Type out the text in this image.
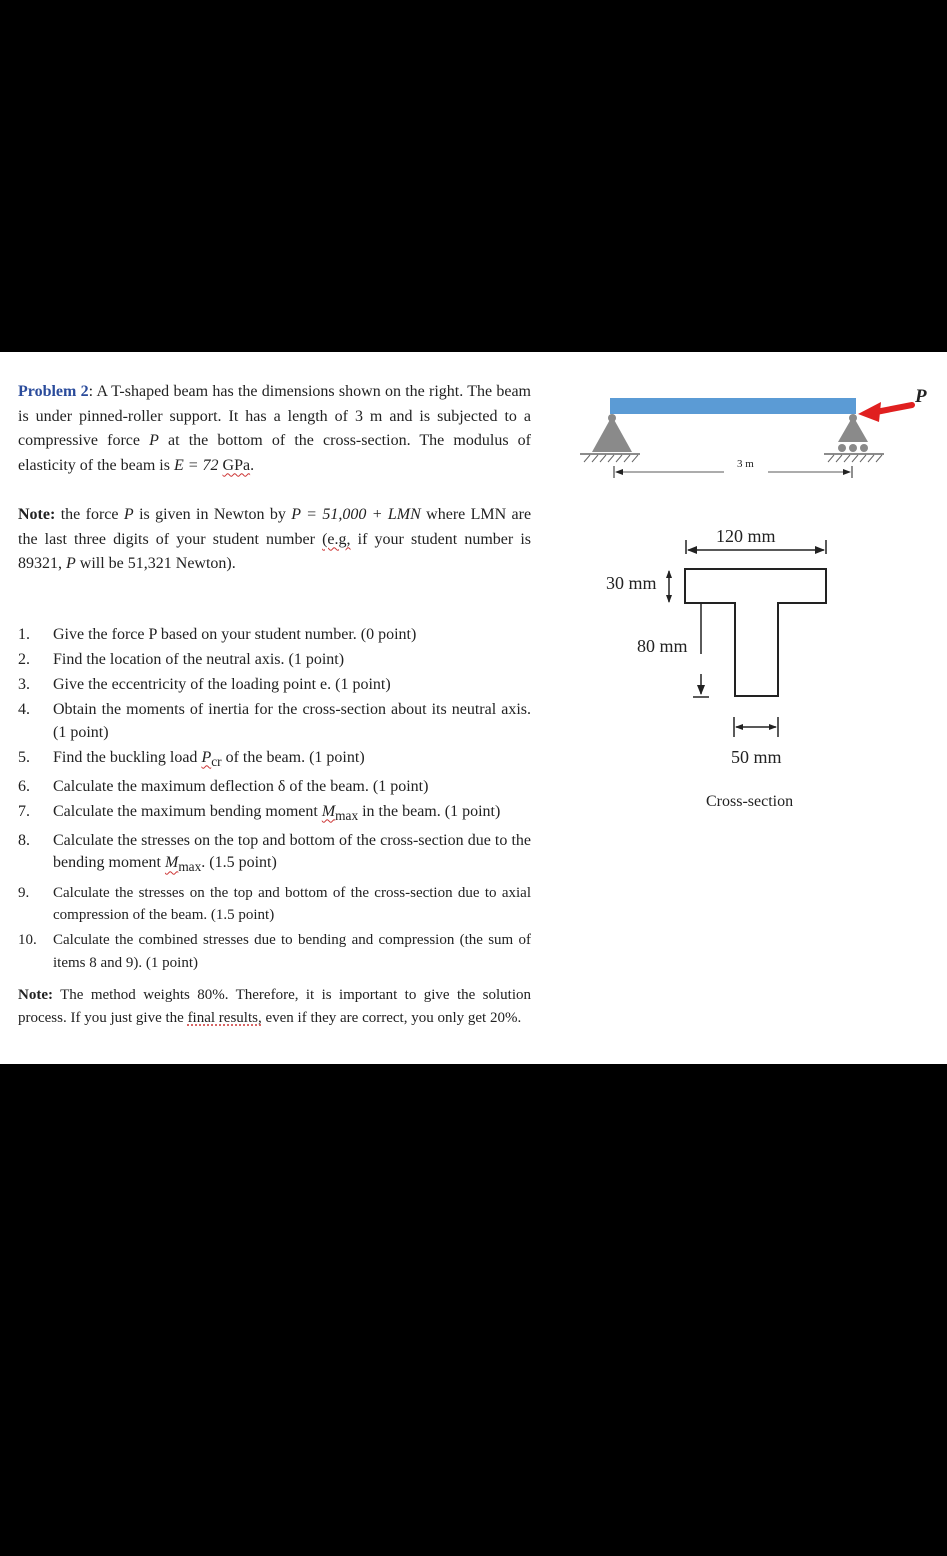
Problem 2: A T-shaped beam has the dimensions shown on the right. The beam is under pinned-roller support. It has a length of 3 m and is subjected to a compressive force P at the bottom of the cross-section. The modulus of elasticity of the beam is E = 72 GPa.
Note: the force P is given in Newton by P = 51,000 + LMN where LMN are the last three digits of your student number (e.g, if your student number is 89321, P will be 51,321 Newton).
1. Give the force P based on your student number. (0 point)
2. Find the location of the neutral axis. (1 point)
3. Give the eccentricity of the loading point e. (1 point)
4. Obtain the moments of inertia for the cross-section about its neutral axis. (1 point)
5. Find the buckling load $P_{cr}$ of the beam. (1 point)
6. Calculate the maximum deflection δ of the beam. (1 point)
7. Calculate the maximum bending moment $M_{max}$ in the beam. (1 point)
8. Calculate the stresses on the top and bottom of the cross-section due to the bending moment $M_{max}$. (1.5 point)
9. Calculate the stresses on the top and bottom of the cross-section due to axial compression of the beam. (1.5 point)
10. Calculate the combined stresses due to bending and compression (the sum of items 8 and 9). (1 point)
Note: The method weights 80%. Therefore, it is important to give the solution process. If you just give the final results, even if they are correct, you only get 20%.
3 m
P
120 mm
30 mm
80 mm
50 mm
Cross-section
